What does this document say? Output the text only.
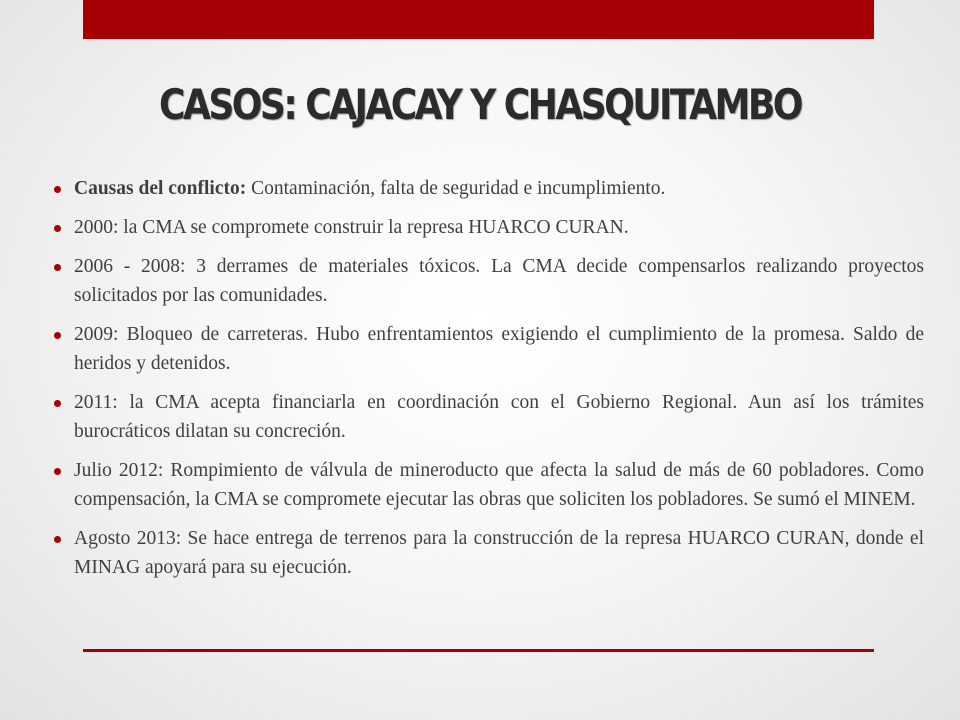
CASOS: CAJACAY Y CHASQUITAMBO
Causas del conflicto: Contaminación, falta de seguridad e incumplimiento.
2000: la CMA se compromete construir la represa HUARCO CURAN.
2006 - 2008: 3 derrames de materiales tóxicos. La CMA decide compensarlos realizando proyectos solicitados por las comunidades.
2009: Bloqueo de carreteras. Hubo enfrentamientos exigiendo el cumplimiento de la promesa. Saldo de heridos y detenidos.
2011: la CMA acepta financiarla en coordinación con el Gobierno Regional. Aun así los trámites burocráticos dilatan su concreción.
Julio 2012: Rompimiento de válvula de mineroducto que afecta la salud de más de 60 pobladores. Como compensación, la CMA se compromete ejecutar las obras que soliciten los pobladores. Se sumó el MINEM.
Agosto 2013: Se hace entrega de terrenos para la construcción de la represa HUARCO CURAN, donde el MINAG apoyará para su ejecución.
